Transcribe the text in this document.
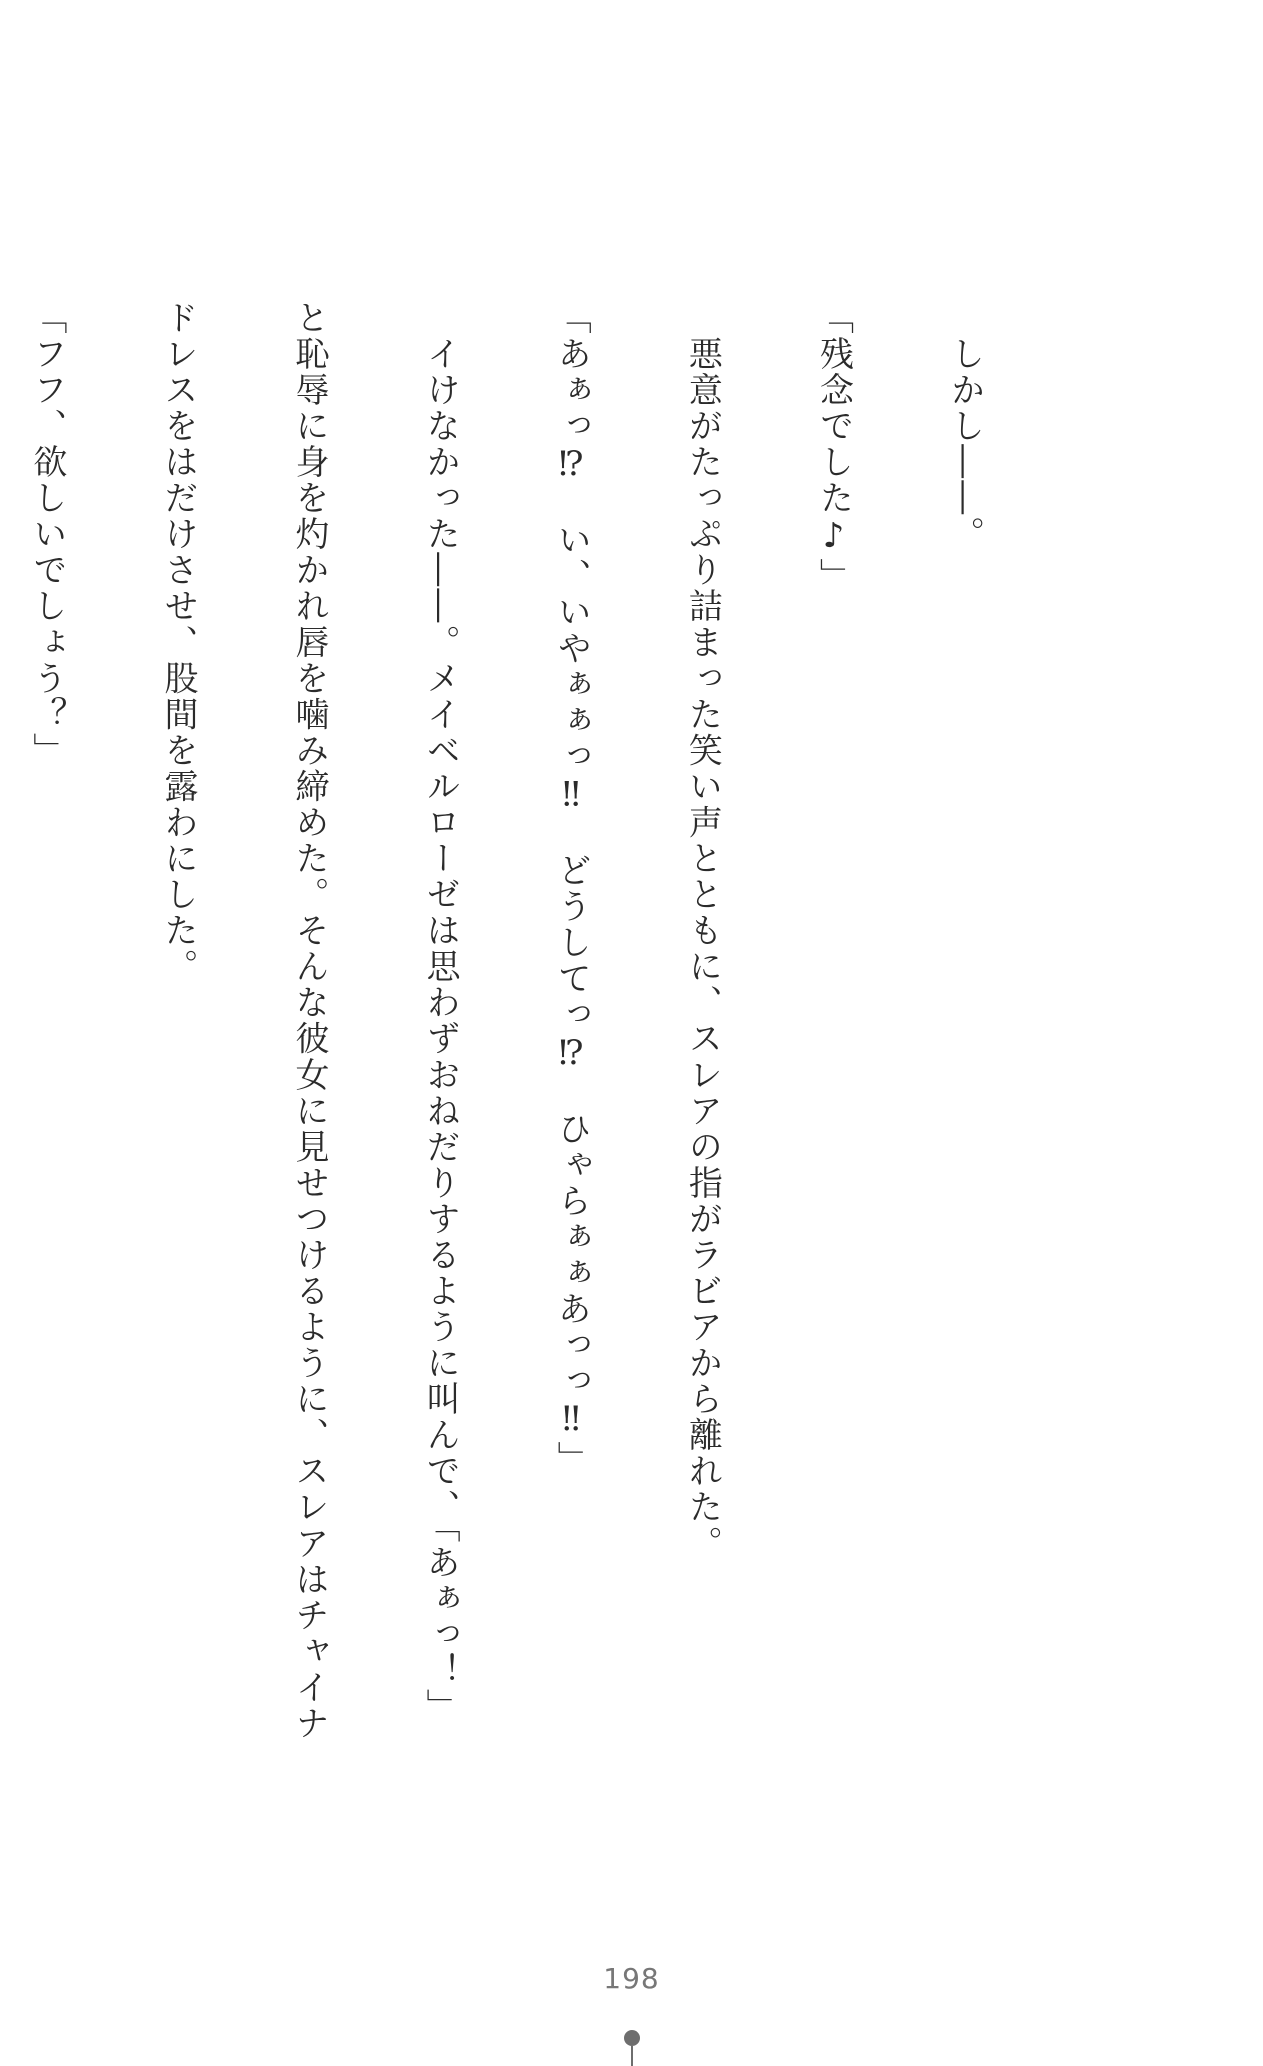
　しかし――。

「残念でした♪」

　悪意がたっぷり詰まった笑い声とともに、スレアの指がラビアから離れた。

「あぁっ⁉　い、いやぁぁっ‼　どうしてっ⁉　ひゃらぁぁあっっ‼」

　イけなかった――。メイベルローゼは思わずおねだりするように叫んで、「あぁっ！」

と恥辱に身を灼かれ唇を噛み締めた。そんな彼女に見せつけるように、スレアはチャイナ

ドレスをはだけさせ、股間を露わにした。

「フフ、欲しいでしょう？」

198
